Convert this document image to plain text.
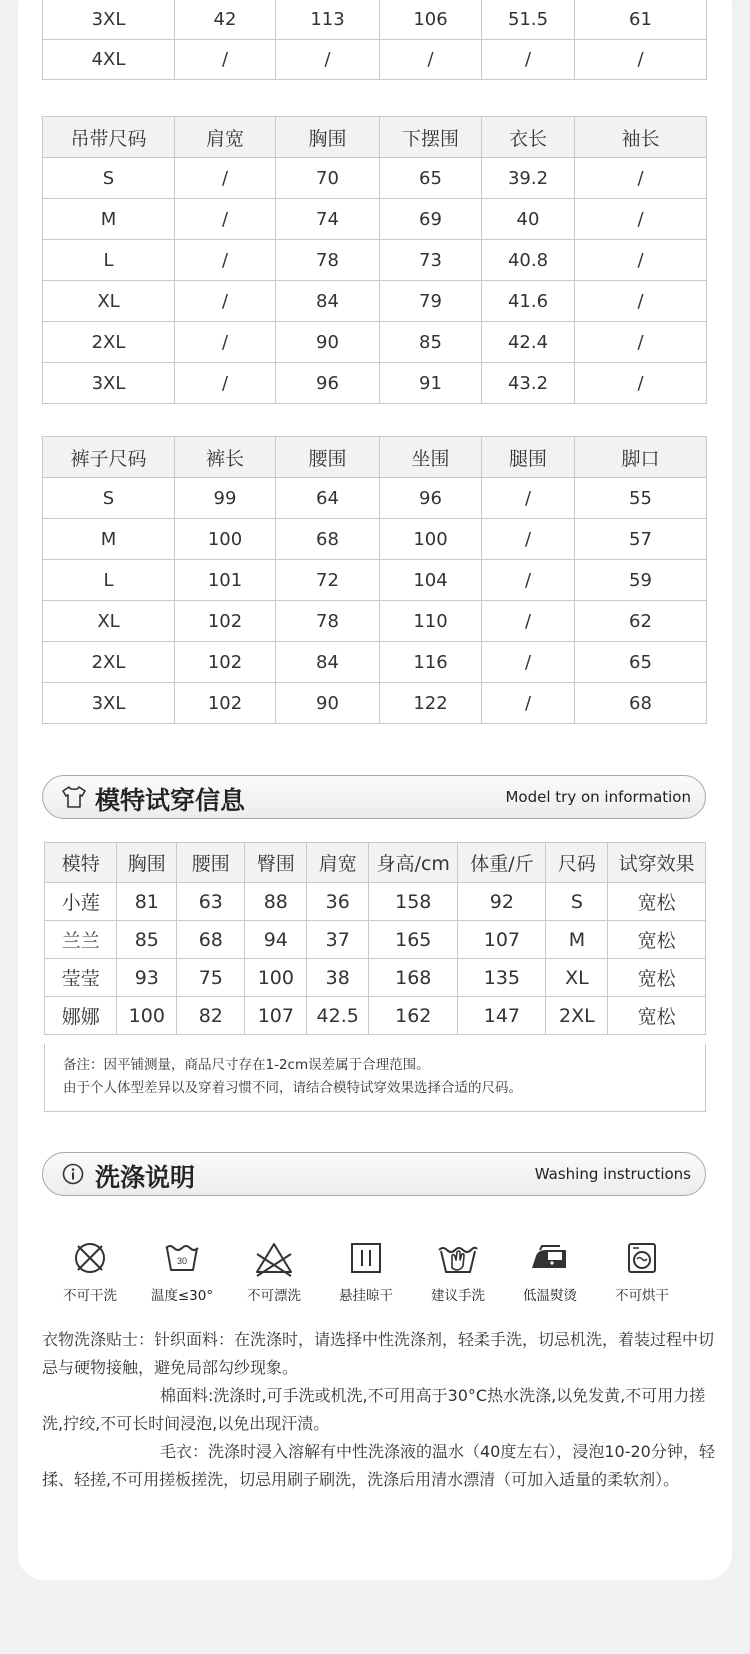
3XL	42	113	106	51.5	61
4XL	/	/	/	/	/
吊带尺码	肩宽	胸围	下摆围	衣长	袖长
S	/	70	65	39.2	/
M	/	74	69	40	/
L	/	78	73	40.8	/
XL	/	84	79	41.6	/
2XL	/	90	85	42.4	/
3XL	/	96	91	43.2	/
裤子尺码	裤长	腰围	坐围	腿围	脚口
S	99	64	96	/	55
M	100	68	100	/	57
L	101	72	104	/	59
XL	102	78	110	/	62
2XL	102	84	116	/	65
3XL	102	90	122	/	68
模特试穿信息	Model try on information
模特	胸围	腰围	臀围	肩宽	身高/cm	体重/斤	尺码	试穿效果
小莲	81	63	88	36	158	92	S	宽松
兰兰	85	68	94	37	165	107	M	宽松
莹莹	93	75	100	38	168	135	XL	宽松
娜娜	100	82	107	42.5	162	147	2XL	宽松
备注：因平铺测量，商品尺寸存在1-2cm误差属于合理范围。
由于个人体型差异以及穿着习惯不同，请结合模特试穿效果选择合适的尺码。
洗涤说明	Washing instructions
不可干洗
30
温度≤30°	不可漂洗	悬挂晾干	建议手洗	低温熨烫	不可烘干

衣物洗涤贴士：针织面料：在洗涤时，请选择中性洗涤剂，轻柔手洗，切忌机洗，着装过程中切忌与硬物接触，避免局部勾纱现象。

棉面料:洗涤时,可手洗或机洗,不可用高于30°C热水洗涤,以免发黄,不可用力搓洗,拧绞,不可长时间浸泡,以免出现汗渍。

毛衣：洗涤时浸入溶解有中性洗涤液的温水（40度左右），浸泡10-20分钟，轻揉、轻搓,不可用搓板搓洗，切忌用刷子刷洗，洗涤后用清水漂清（可加入适量的柔软剂）。
